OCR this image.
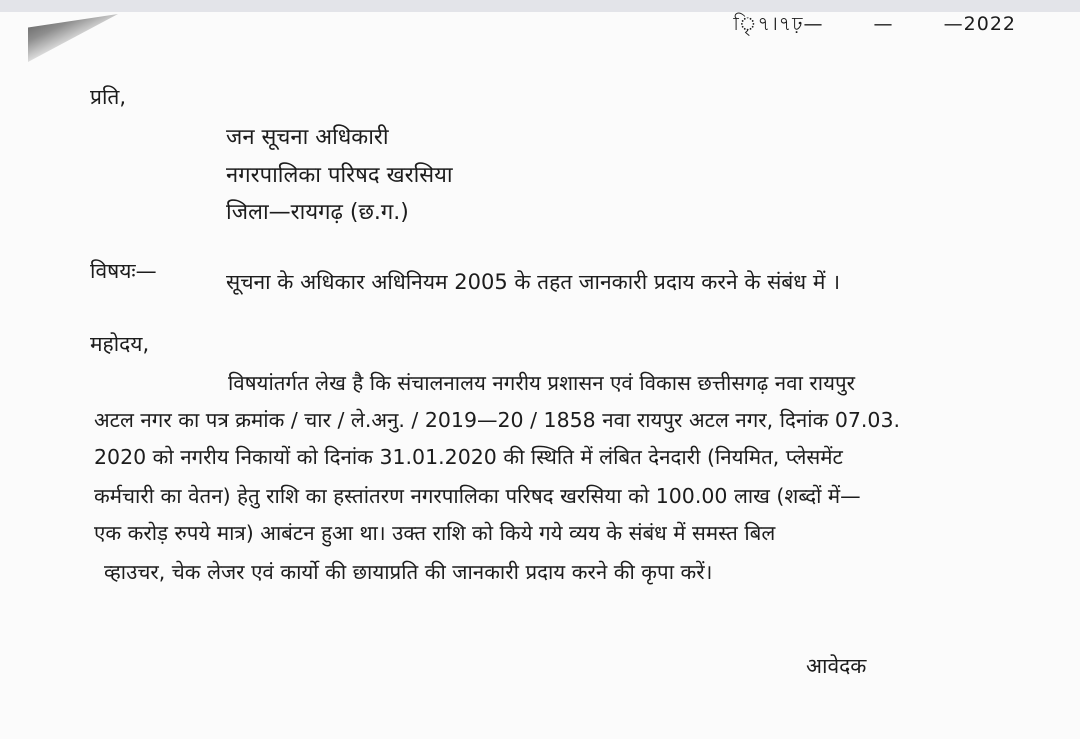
ৃি৭।৭ঢ়—	—	—2022
प्रति,
जन सूचना अधिकारी
नगरपालिका परिषद खरसिया
जिला—रायगढ़ (छ.ग.)
विषयः—	सूचना के अधिकार अधिनियम 2005 के तहत जानकारी प्रदाय करने के संबंध में ।
महोदय,
विषयांतर्गत लेख है कि संचालनालय नगरीय प्रशासन एवं विकास छत्तीसगढ़ नवा रायपुर
अटल नगर का पत्र क्रमांक / चार / ले.अनु. / 2019—20 / 1858 नवा रायपुर अटल नगर, दिनांक 07.03.
2020 को नगरीय निकायों को दिनांक 31.01.2020 की स्थिति में लंबित देनदारी (नियमित, प्लेसमेंट
कर्मचारी का वेतन) हेतु राशि का हस्तांतरण नगरपालिका परिषद खरसिया को 100.00 लाख (शब्दों में—
एक करोड़ रुपये मात्र) आबंटन हुआ था। उक्त राशि को किये गये व्यय के संबंध में समस्त बिल
व्हाउचर, चेक लेजर एवं कार्यो की छायाप्रति की जानकारी प्रदाय करने की कृपा करें।
आवेदक
